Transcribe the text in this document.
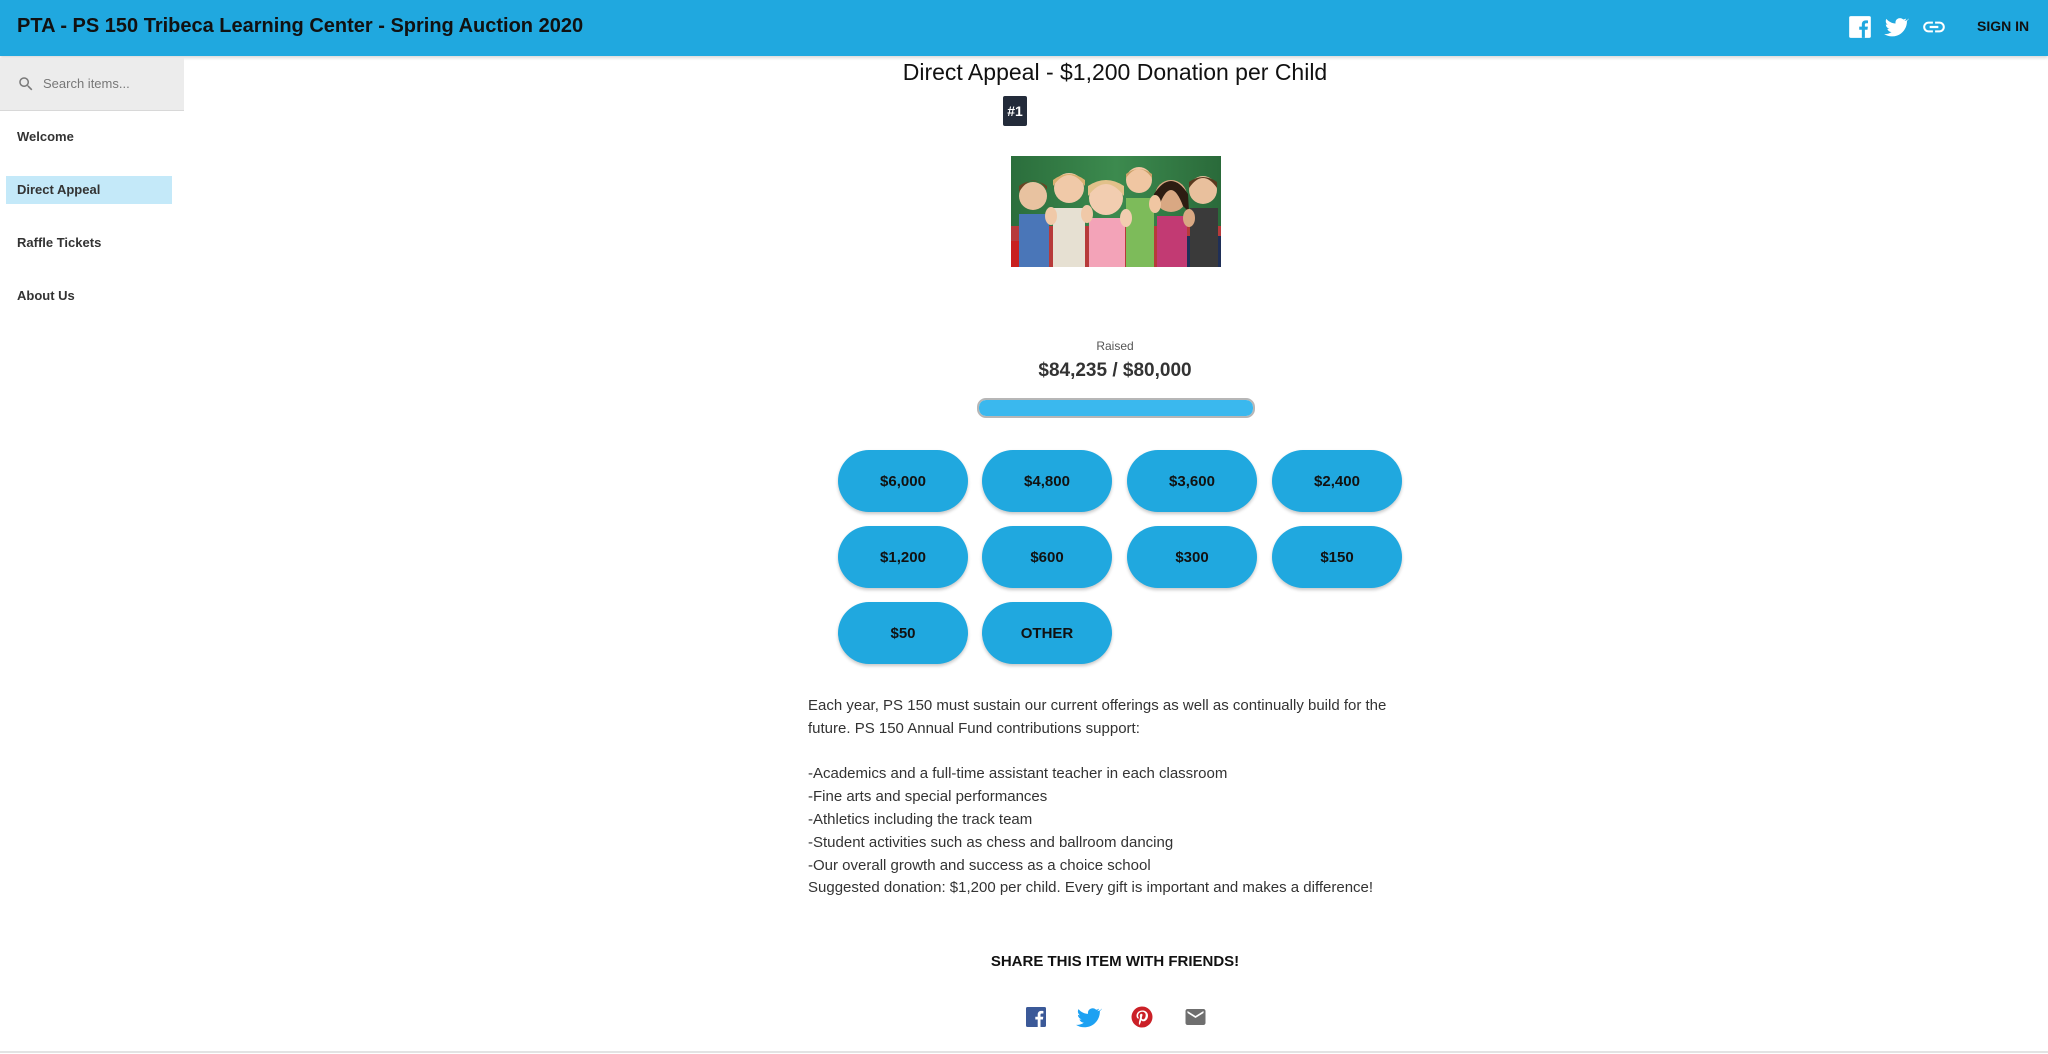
PTA - PS 150 Tribeca Learning Center - Spring Auction 2020	SIGN IN
Search items...
Welcome
Direct Appeal
Raffle Tickets
About Us
Direct Appeal - $1,200 Donation per Child
#1
Raised
$84,235 / $80,000
$6,000	$4,800	$3,600	$2,400
$1,200	$600	$300	$150
$50	OTHER

Each year, PS 150 must sustain our current offerings as well as continually build for the future. PS 150 Annual Fund contributions support:

-Academics and a full-time assistant teacher in each classroom

-Fine arts and special performances

-Athletics including the track team

-Student activities such as chess and ballroom dancing

-Our overall growth and success as a choice school

Suggested donation: $1,200 per child. Every gift is important and makes a difference!

SHARE THIS ITEM WITH FRIENDS!
